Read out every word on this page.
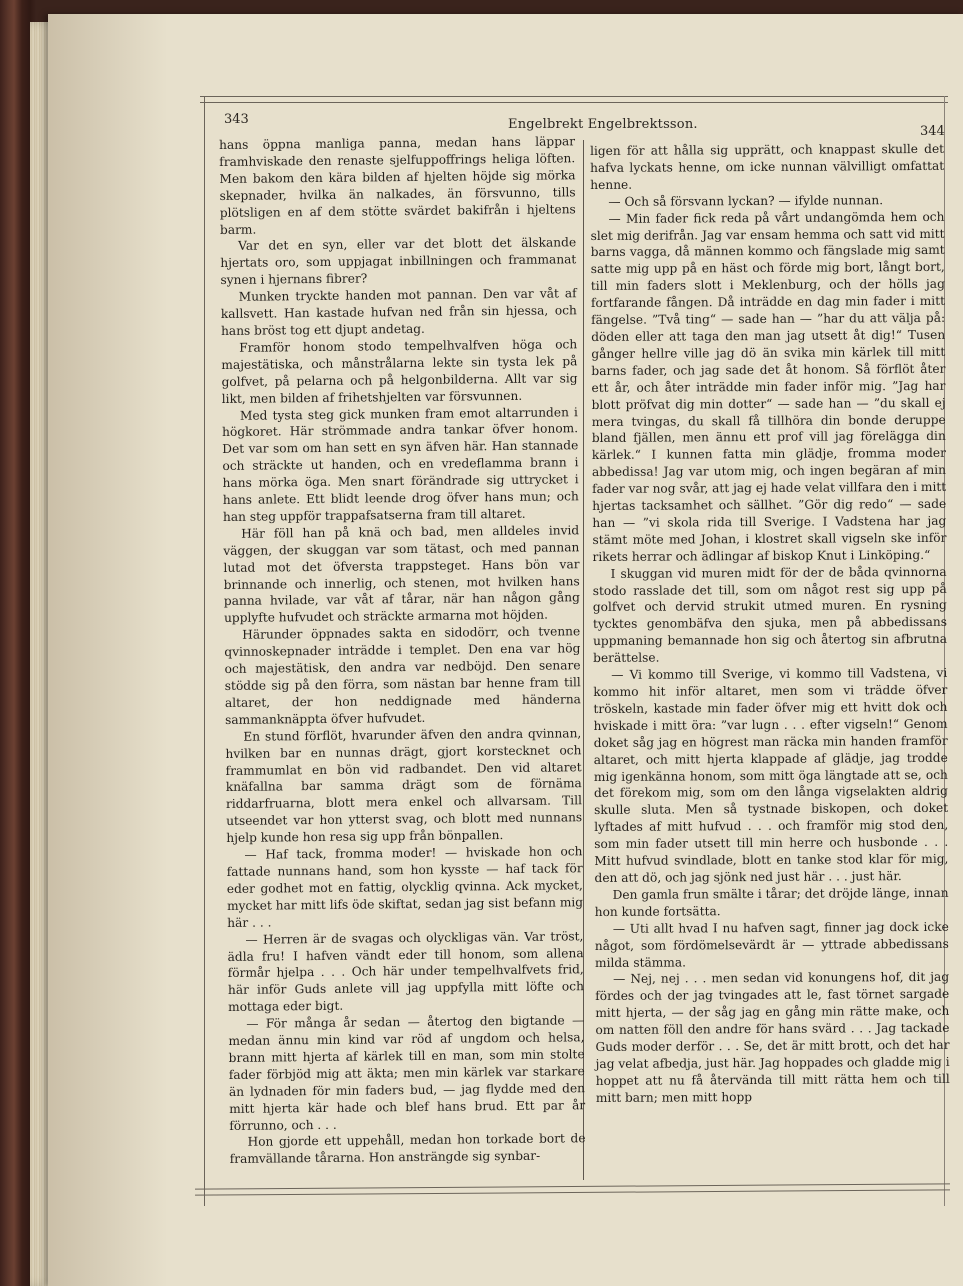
343	Engelbrekt Engelbrektsson.	344

hans öppna manliga panna, medan hans läppar framhviskade den renaste sjelfuppoffrings heliga löften. Men bakom den kära bilden af hjelten höjde sig mörka skepnader, hvilka än nalkades, än försvunno, tills plötsligen en af dem stötte svärdet bakifrån i hjeltens barm.

Var det en syn, eller var det blott det älskande hjertats oro, som uppjagat inbillningen och frammanat synen i hjernans fibrer?

Munken tryckte handen mot pannan. Den var våt af kallsvett. Han kastade hufvan ned från sin hjessa, och hans bröst tog ett djupt andetag.

Framför honom stodo tempelhvalfven höga och majestätiska, och månstrålarna lekte sin tysta lek på golfvet, på pelarna och på helgonbilderna. Allt var sig likt, men bilden af frihetshjelten var försvunnen.

Med tysta steg gick munken fram emot altarrunden i högkoret. Här strömmade andra tankar öfver honom. Det var som om han sett en syn äfven här. Han stannade och sträckte ut handen, och en vredeflamma brann i hans mörka öga. Men snart förändrade sig uttrycket i hans anlete. Ett blidt leende drog öfver hans mun; och han steg uppför trappafsatserna fram till altaret.

Här föll han på knä och bad, men alldeles invid väggen, der skuggan var som tätast, och med pannan lutad mot det öfversta trappsteget. Hans bön var brinnande och innerlig, och stenen, mot hvilken hans panna hvilade, var våt af tårar, när han någon gång upplyfte hufvudet och sträckte armarna mot höjden.

Härunder öppnades sakta en sidodörr, och tvenne qvinnoskepnader inträdde i templet. Den ena var hög och majestätisk, den andra var nedböjd. Den senare stödde sig på den förra, som nästan bar henne fram till altaret, der hon neddignade med händerna sammanknäppta öfver hufvudet.

En stund förflöt, hvarunder äfven den andra qvinnan, hvilken bar en nunnas drägt, gjort korstecknet och frammumlat en bön vid radbandet. Den vid altaret knäfallna bar samma drägt som de förnäma riddarfruarna, blott mera enkel och allvarsam. Till utseendet var hon ytterst svag, och blott med nunnans hjelp kunde hon resa sig upp från bönpallen.

— Haf tack, fromma moder! — hviskade hon och fattade nunnans hand, som hon kysste — haf tack för eder godhet mot en fattig, olycklig qvinna. Ack mycket, mycket har mitt lifs öde skiftat, sedan jag sist befann mig här . . .

— Herren är de svagas och olyckligas vän. Var tröst, ädla fru! I hafven vändt eder till honom, som allena förmår hjelpa . . . Och här under tempelhvalfvets frid, här inför Guds anlete vill jag uppfylla mitt löfte och mottaga eder bigt.

— För många år sedan — återtog den bigtande — medan ännu min kind var röd af ungdom och helsa, brann mitt hjerta af kärlek till en man, som min stolte fader förbjöd mig att äkta; men min kärlek var starkare än lydnaden för min faders bud, — jag flydde med den mitt hjerta kär hade och blef hans brud. Ett par år förrunno, och . . .

Hon gjorde ett uppehåll, medan hon torkade bort de framvällande tårarna. Hon ansträngde sig synbar-

ligen för att hålla sig upprätt, och knappast skulle det hafva lyckats henne, om icke nunnan välvilligt omfattat henne.

— Och så försvann lyckan? — ifylde nunnan.

— Min fader fick reda på vårt undangömda hem och slet mig derifrån. Jag var ensam hemma och satt vid mitt barns vagga, då männen kommo och fängslade mig samt satte mig upp på en häst och förde mig bort, långt bort, till min faders slott i Meklenburg, och der hölls jag fortfarande fången. Då inträdde en dag min fader i mitt fängelse. ”Två ting“ — sade han — ”har du att välja på: döden eller att taga den man jag utsett åt dig!“ Tusen gånger hellre ville jag dö än svika min kärlek till mitt barns fader, och jag sade det åt honom. Så förflöt åter ett år, och åter inträdde min fader inför mig. ”Jag har blott pröfvat dig min dotter“ — sade han — ”du skall ej mera tvingas, du skall få tillhöra din bonde deruppe bland fjällen, men ännu ett prof vill jag förelägga din kärlek.“ I kunnen fatta min glädje, fromma moder abbedissa! Jag var utom mig, och ingen begäran af min fader var nog svår, att jag ej hade velat villfara den i mitt hjertas tacksamhet och sällhet. ”Gör dig redo“ — sade han — ”vi skola rida till Sverige. I Vadstena har jag stämt möte med Johan, i klostret skall vigseln ske inför rikets herrar och ädlingar af biskop Knut i Linköping.“

I skuggan vid muren midt för der de båda qvinnorna stodo rasslade det till, som om något rest sig upp på golfvet och dervid strukit utmed muren. En rysning tycktes genombäfva den sjuka, men på abbedissans uppmaning bemannade hon sig och återtog sin afbrutna berättelse.

— Vi kommo till Sverige, vi kommo till Vadstena, vi kommo hit inför altaret, men som vi trädde öfver tröskeln, kastade min fader öfver mig ett hvitt dok och hviskade i mitt öra: ”var lugn . . . efter vigseln!“ Genom doket såg jag en högrest man räcka min handen framför altaret, och mitt hjerta klappade af glädje, jag trodde mig igenkänna honom, som mitt öga längtade att se, och det förekom mig, som om den långa vigselakten aldrig skulle sluta. Men så tystnade biskopen, och doket lyftades af mitt hufvud . . . och framför mig stod den, som min fader utsett till min herre och husbonde . . . Mitt hufvud svindlade, blott en tanke stod klar för mig, den att dö, och jag sjönk ned just här . . . just här.

Den gamla frun smälte i tårar; det dröjde länge, innan hon kunde fortsätta.

— Uti allt hvad I nu hafven sagt, finner jag dock icke något, som fördömelsevärdt är — yttrade abbedissans milda stämma.

— Nej, nej . . . men sedan vid konungens hof, dit jag fördes och der jag tvingades att le, fast törnet sargade mitt hjerta, — der såg jag en gång min rätte make, och om natten föll den andre för hans svärd . . . Jag tackade Guds moder derför . . . Se, det är mitt brott, och det har jag velat afbedja, just här. Jag hoppades och gladde mig i hoppet att nu få återvända till mitt rätta hem och till mitt barn; men mitt hopp
